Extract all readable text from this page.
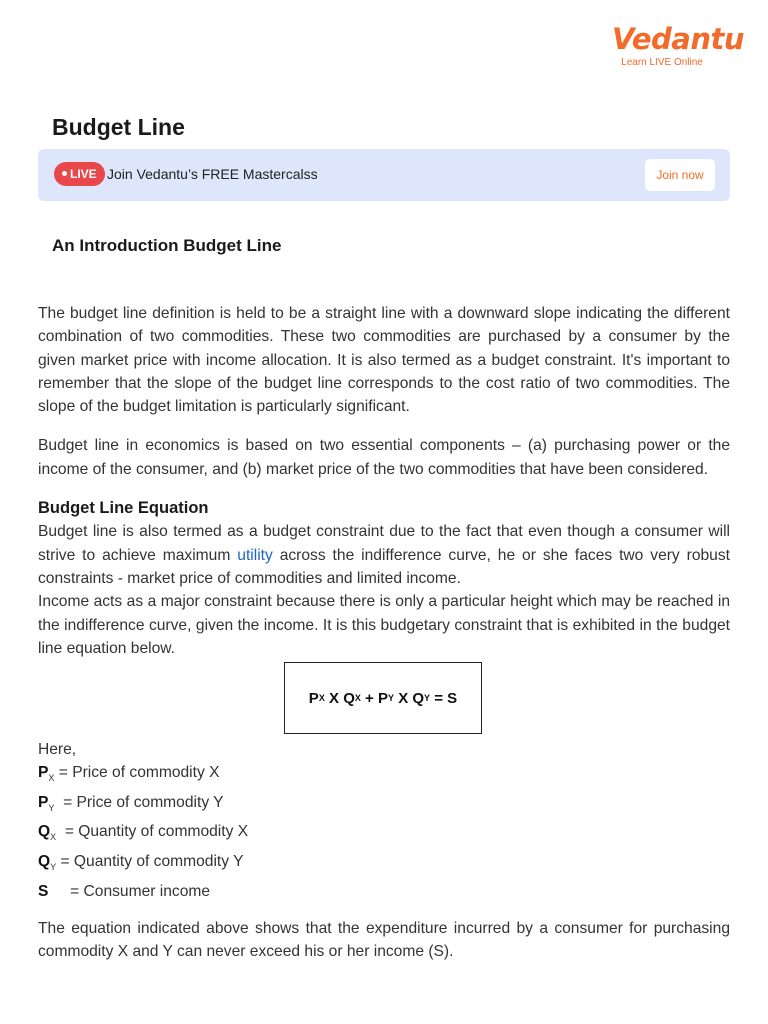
Vedantu
Learn LIVE Online
Budget Line
LIVE Join Vedantu’s FREE Mastercalss	Join now
An Introduction Budget Line

The budget line definition is held to be a straight line with a downward slope indicating the different combination of two commodities. These two commodities are purchased by a consumer by the given market price with income allocation. It is also termed as a budget constraint. It's important to remember that the slope of the budget line corresponds to the cost ratio of two commodities. The slope of the budget limitation is particularly significant.

Budget line in economics is based on two essential components – (a) purchasing power or the income of the consumer, and (b) market price of the two commodities that have been considered.

Budget Line Equation

Budget line is also termed as a budget constraint due to the fact that even though a consumer will strive to achieve maximum utility across the indifference curve, he or she faces two very robust constraints - market price of commodities and limited income.

Income acts as a major constraint because there is only a particular height which may be reached in the indifference curve, given the income. It is this budgetary constraint that is exhibited in the budget line equation below.

P X
X
Q X
+
P Y
X
Q Y
=
S

Here,

$P_X$ = Price of commodity X
$P_Y$  = Price of commodity Y
$Q_X$  = Quantity of commodity X
$Q_Y$ = Quantity of commodity Y
S     = Consumer income

The equation indicated above shows that the expenditure incurred by a consumer for purchasing commodity X and Y can never exceed his or her income (S).
